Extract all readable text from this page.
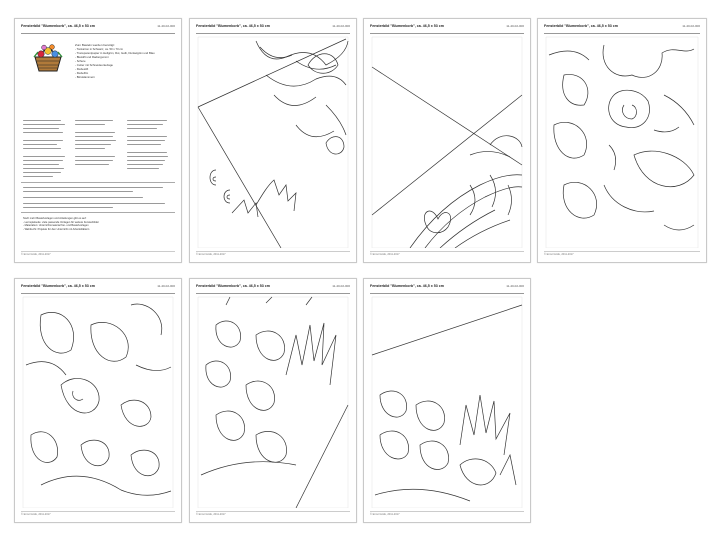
Fensterbild "Blumenkorb", ca. 46,5 x 53 cm	11-40-02-000
Zum Basteln werden benötigt:
- Tonkarton in Schwarz, ca. 50 x 70 cm
- Transparentpapier in Hellgrün, Rot, Gelb, Dunkelgrün und Blau
- Bleistift und Radiergummi
- Schere
- Cutter mit Schneideunterlage
- Klebestift
- Klebefilm
- Büroklammern
Noch mehr Bastelvorlagen und Anleitungen gibt es auf:
- Lernspielseite: viele passende Vorlagen für weitere Fensterbilder
- Materialien: Unterrichtsmaterial frei- und Bastelvorlagen
- Wahlrecht: Projekte für den Unterricht mit Arbeitsblättern
© Ernst Gräfe, 2011-2017
Fensterbild "Blumenkorb", ca. 46,5 x 53 cm	11-40-02-000
© Ernst Gräfe, 2011-2017
Fensterbild "Blumenkorb", ca. 46,5 x 53 cm	11-40-02-000
© Ernst Gräfe, 2011-2017
Fensterbild "Blumenkorb", ca. 46,5 x 53 cm	11-40-02-000
© Ernst Gräfe, 2011-2017
Fensterbild "Blumenkorb", ca. 46,5 x 53 cm	11-40-02-000
© Ernst Gräfe, 2011-2017
Fensterbild "Blumenkorb", ca. 46,5 x 53 cm	11-40-02-000
© Ernst Gräfe, 2011-2017
Fensterbild "Blumenkorb", ca. 46,5 x 53 cm	11-40-02-000
© Ernst Gräfe, 2011-2017
